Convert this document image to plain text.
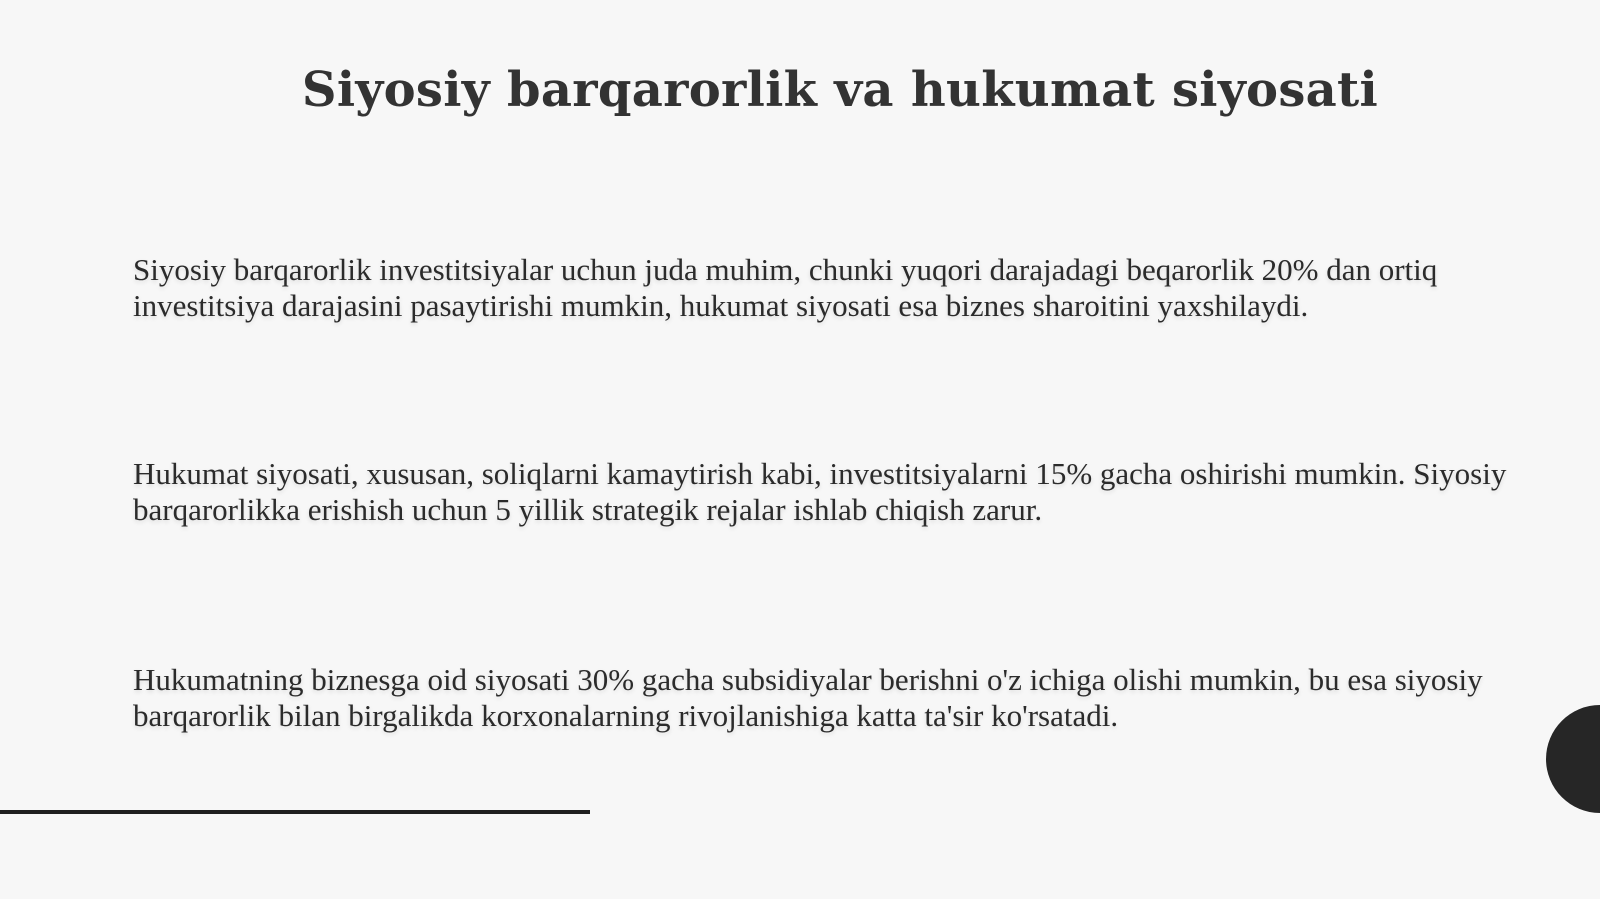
Siyosiy barqarorlik va hukumat siyosati

Siyosiy barqarorlik investitsiyalar uchun juda muhim, chunki yuqori darajadagi beqarorlik 20% dan ortiq investitsiya darajasini pasaytirishi mumkin, hukumat siyosati esa biznes sharoitini yaxshilaydi.

Hukumat siyosati, xususan, soliqlarni kamaytirish kabi, investitsiyalarni 15% gacha oshirishi mumkin. Siyosiy barqarorlikka erishish uchun 5 yillik strategik rejalar ishlab chiqish zarur.

Hukumatning biznesga oid siyosati 30% gacha subsidiyalar berishni o'z ichiga olishi mumkin, bu esa siyosiy barqarorlik bilan birgalikda korxonalarning rivojlanishiga katta ta'sir ko'rsatadi.
